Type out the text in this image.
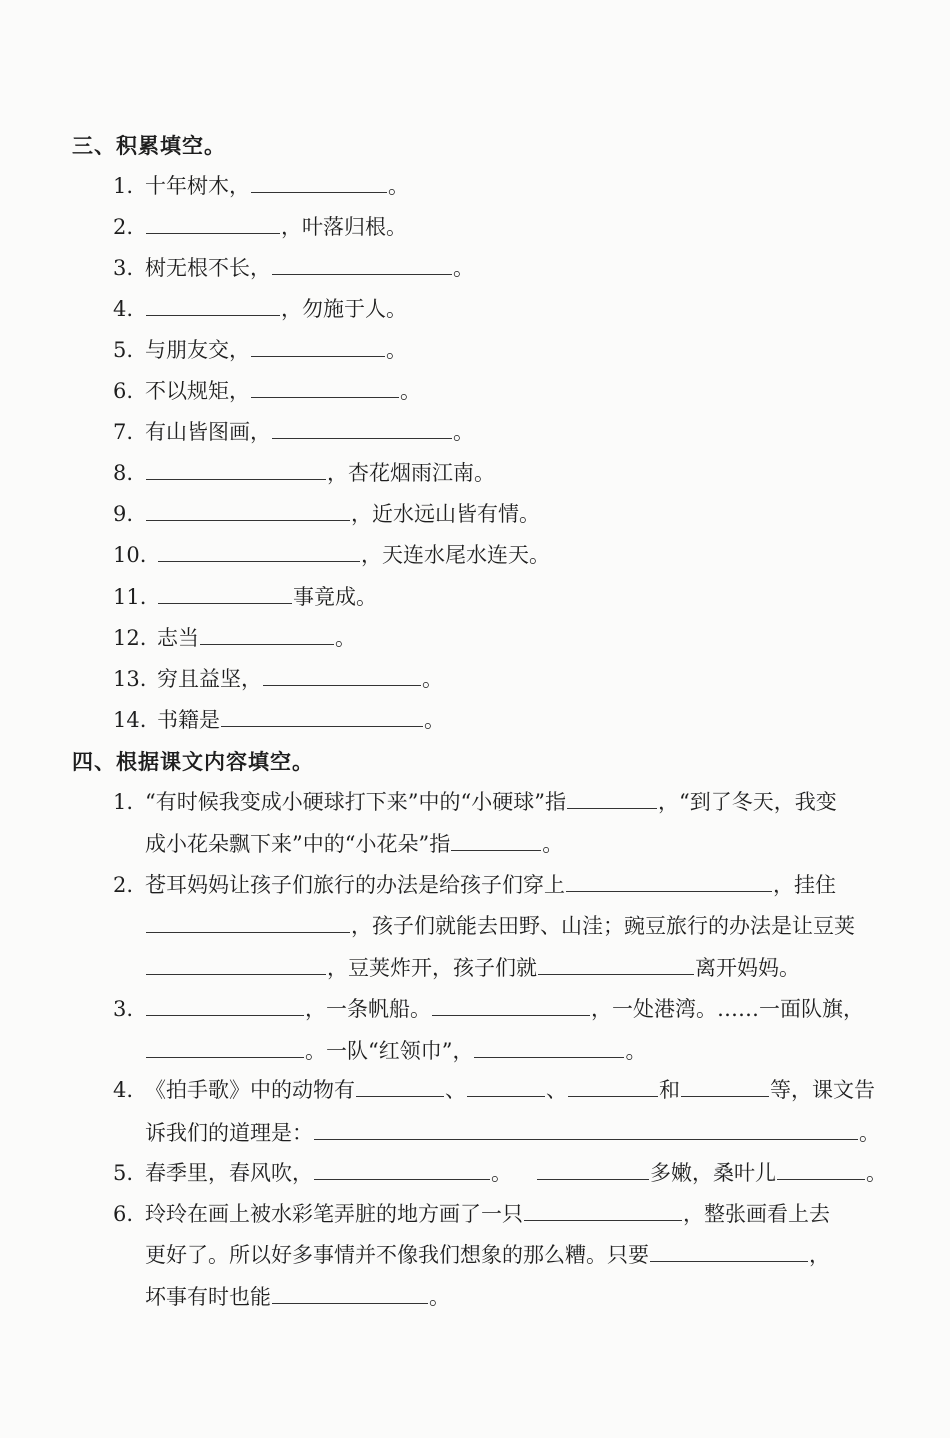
三、积累填空。
1. 十年树木，	。
2.	，叶落归根。
3. 树无根不长，	。
4.	，勿施于人。
5. 与朋友交，	。
6. 不以规矩，	。
7. 有山皆图画，	。
8.	，杏花烟雨江南。
9.	，近水远山皆有情。
10.	，天连水尾水连天。
11.	事竟成。
12. 志当	。
13. 穷且益坚，	。
14. 书籍是	。
四、根据课文内容填空。
1. “有时候我变成小硬球打下来”中的“小硬球”指	，“到了冬天，我变
成小花朵飘下来”中的“小花朵”指	。
2. 苍耳妈妈让孩子们旅行的办法是给孩子们穿上	，挂住
，孩子们就能去田野、山洼；豌豆旅行的办法是让豆荚
，豆荚炸开，孩子们就	离开妈妈。
3.	，一条帆船。	，一处港湾。……一面队旗，
。一队“红领巾”，	。
4. 《拍手歌》中的动物有	、	、	和	等，课文告
诉我们的道理是：	。
5. 春季里，春风吹，	。	多嫩，桑叶儿	。
6. 玲玲在画上被水彩笔弄脏的地方画了一只	，整张画看上去
更好了。所以好多事情并不像我们想象的那么糟。只要	，
坏事有时也能	。
